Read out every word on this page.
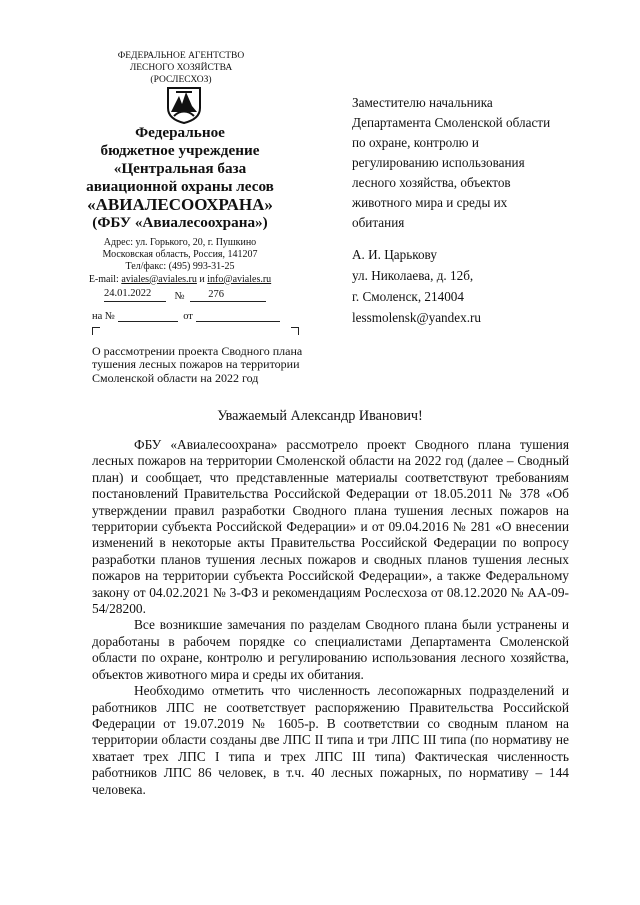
ФЕДЕРАЛЬНОЕ АГЕНТСТВО
ЛЕСНОГО ХОЗЯЙСТВА
(РОСЛЕСХОЗ)
Федеральное
бюджетное учреждение
«Центральная база
авиационной охраны лесов
«АВИАЛЕСООХРАНА»
(ФБУ «Авиалесоохрана»)
Адрес: ул. Горького, 20, г. Пушкино
Московская область, Россия, 141207
Тел/факс: (495) 993-31-25
E-mail: aviales@aviales.ru и info@aviales.ru
24.01.2022 № 276
на №	от
О рассмотрении проекта Сводного плана тушения лесных пожаров на территории Смоленской области на 2022 год
Заместителю начальника
Департамента Смоленской области
по охране, контролю и
регулированию использования
лесного хозяйства, объектов
животного мира и среды их
обитания
А. И. Царькову
ул. Николаева, д. 12б,
г. Смоленск, 214004
lessmolensk@yandex.ru
Уважаемый Александр Иванович!

ФБУ «Авиалесоохрана» рассмотрело проект Сводного плана тушения лесных пожаров на территории Смоленской области на 2022 год (далее – Сводный план) и сообщает, что представленные материалы соответствуют требованиям постановлений Правительства Российской Федерации от 18.05.2011 № 378 «Об утверждении правил разработки Сводного плана тушения лесных пожаров на территории субъекта Российской Федерации» и от 09.04.2016 № 281 «О внесении изменений в некоторые акты Правительства Российской Федерации по вопросу разработки планов тушения лесных пожаров и сводных планов тушения лесных пожаров на территории субъекта Российской Федерации», а также Федеральному закону от 04.02.2021 № 3-ФЗ и рекомендациям Рослесхоза от 08.12.2020 № АА-09-54/28200.

Все возникшие замечания по разделам Сводного плана были устранены и доработаны в рабочем порядке со специалистами Департамента Смоленской области по охране, контролю и регулированию использования лесного хозяйства, объектов животного мира и среды их обитания.

Необходимо отметить что численность лесопожарных подразделений и работников ЛПС не соответствует распоряжению Правительства Российской Федерации от 19.07.2019 № 1605-р. В соответствии со сводным планом на территории области созданы две ЛПС II типа и три ЛПС III типа (по нормативу не хватает трех ЛПС I типа и трех ЛПС III типа) Фактическая численность работников ЛПС 86 человек, в т.ч. 40 лесных пожарных, по нормативу – 144 человека.
